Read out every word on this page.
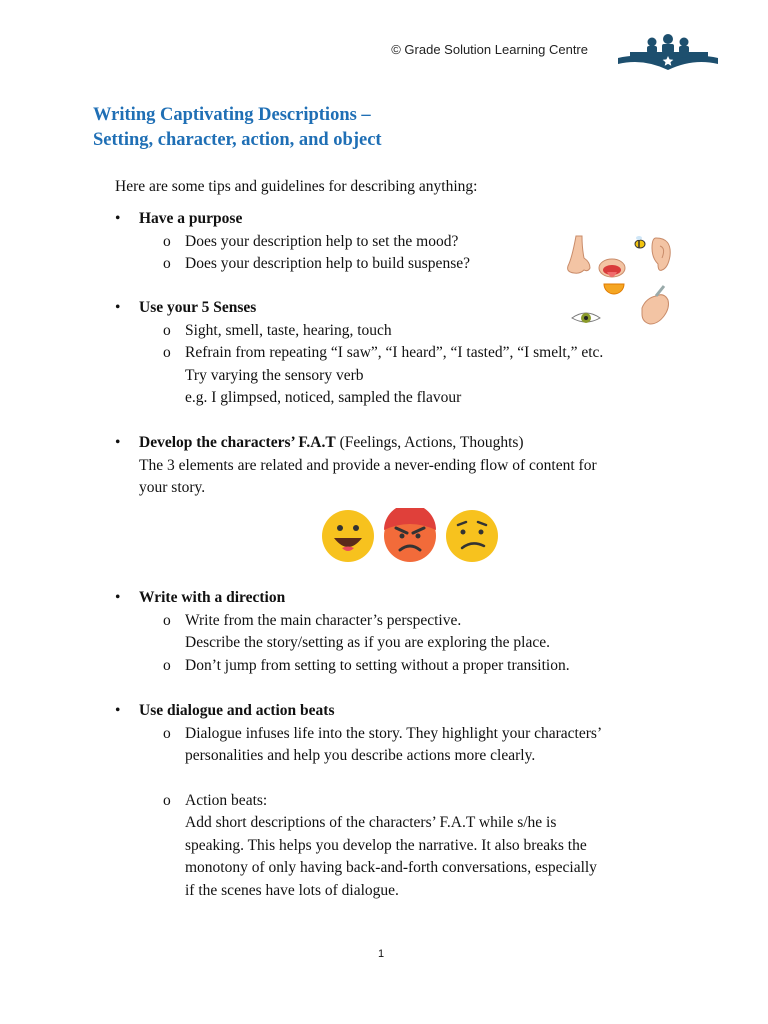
© Grade Solution Learning Centre
Writing Captivating Descriptions –
Setting, character, action, and object
Here are some tips and guidelines for describing anything:
• Have a purpose
o Does your description help to set the mood?
o Does your description help to build suspense?
• Use your 5 Senses
o Sight, smell, taste, hearing, touch
o Refrain from repeating “I saw”, “I heard”, “I tasted”, “I smelt,” etc.
Try varying the sensory verb
e.g. I glimpsed, noticed, sampled the flavour
• Develop the characters’ F.A.T (Feelings, Actions, Thoughts)
The 3 elements are related and provide a never-ending flow of content for
your story.
• Write with a direction
o Write from the main character’s perspective.
Describe the story/setting as if you are exploring the place.
o Don’t jump from setting to setting without a proper transition.
• Use dialogue and action beats
o Dialogue infuses life into the story. They highlight your characters’
personalities and help you describe actions more clearly.
o Action beats:
Add short descriptions of the characters’ F.A.T while s/he is
speaking. This helps you develop the narrative. It also breaks the
monotony of only having back-and-forth conversations, especially
if the scenes have lots of dialogue.
1
